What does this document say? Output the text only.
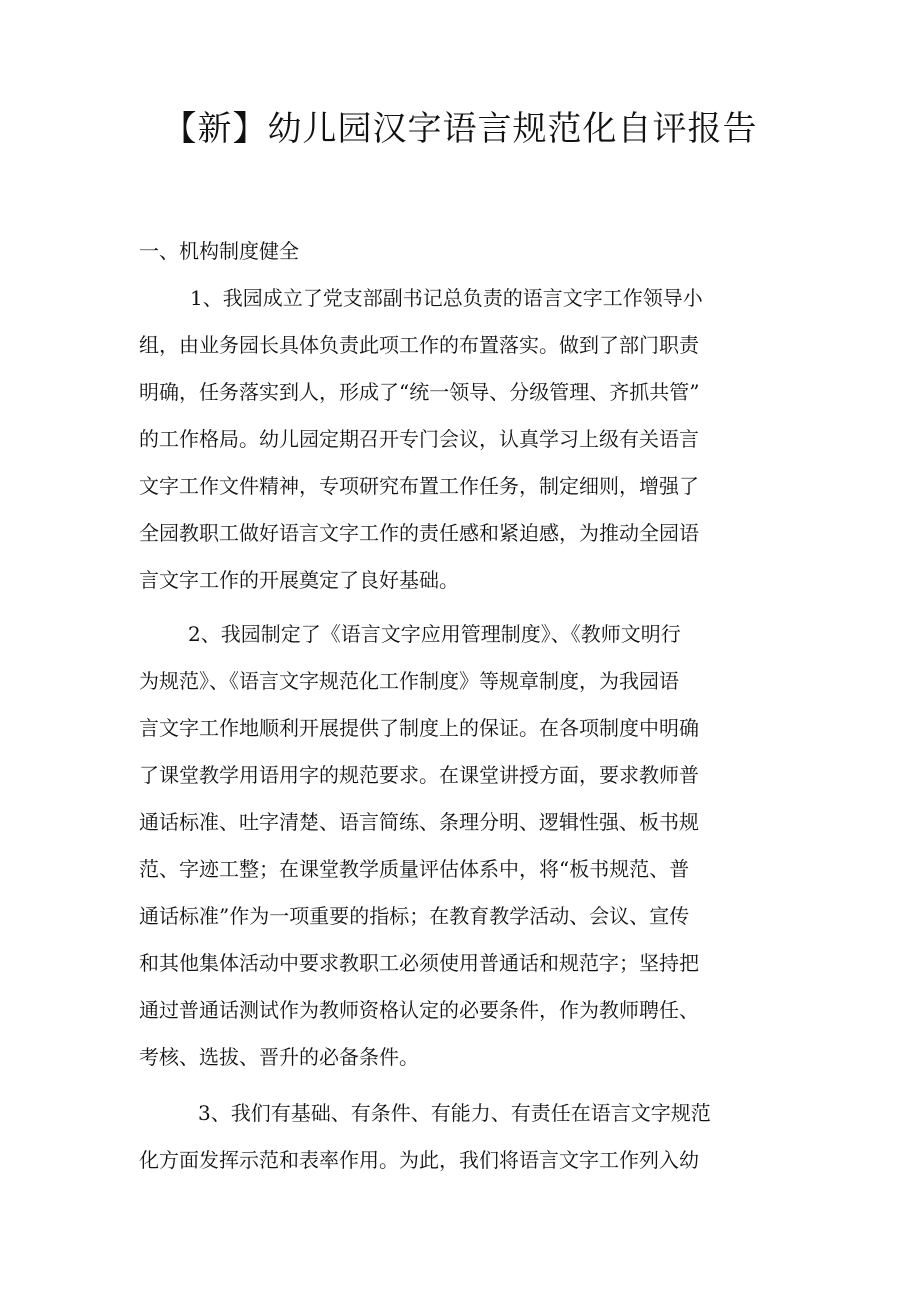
【新】幼儿园汉字语言规范化自评报告
一、机构制度健全
1、我园成立了党支部副书记总负责的语言文字工作领导小
组，由业务园长具体负责此项工作的布置落实。做到了部门职责
明确，任务落实到人，形成了“统一领导、分级管理、齐抓共管”
的工作格局。幼儿园定期召开专门会议，认真学习上级有关语言
文字工作文件精神，专项研究布置工作任务，制定细则，增强了
全园教职工做好语言文字工作的责任感和紧迫感，为推动全园语
言文字工作的开展奠定了良好基础。
2、我园制定了《语言文字应用管理制度》、《教师文明行
为规范》、《语言文字规范化工作制度》等规章制度，为我园语
言文字工作地顺利开展提供了制度上的保证。在各项制度中明确
了课堂教学用语用字的规范要求。在课堂讲授方面，要求教师普
通话标准、吐字清楚、语言简练、条理分明、逻辑性强、板书规
范、字迹工整；在课堂教学质量评估体系中，将“板书规范、普
通话标准”作为一项重要的指标；在教育教学活动、会议、宣传
和其他集体活动中要求教职工必须使用普通话和规范字；坚持把
通过普通话测试作为教师资格认定的必要条件，作为教师聘任、
考核、选拔、晋升的必备条件。
3、我们有基础、有条件、有能力、有责任在语言文字规范
化方面发挥示范和表率作用。为此，我们将语言文字工作列入幼
